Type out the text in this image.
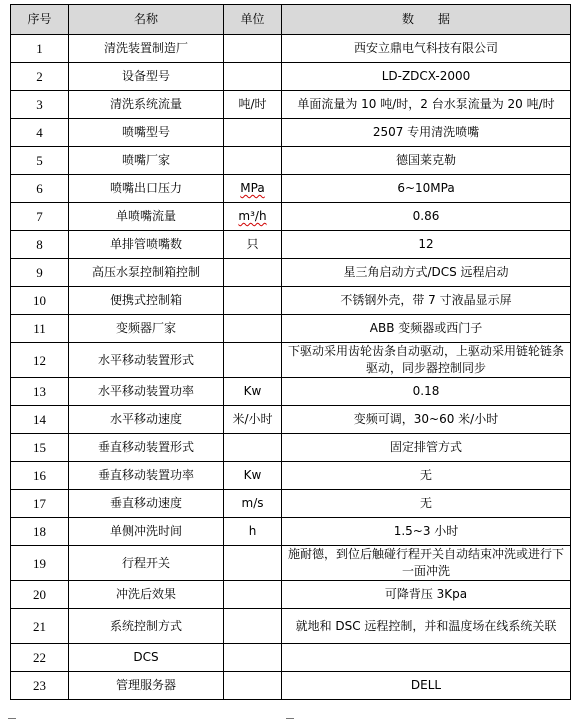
序号	名称	单位	数　　据
1	清洗装置制造厂		西安立鼎电气科技有限公司
2	设备型号		LD-ZDCX-2000
3	清洗系统流量	吨/时	单面流量为 10 吨/时，2 台水泵流量为 20 吨/时
4	喷嘴型号		2507 专用清洗喷嘴
5	喷嘴厂家		德国莱克勒
6	喷嘴出口压力	MPa	6~10MPa
7	单喷嘴流量	m³/h	0.86
8	单排管喷嘴数	只	12
9	高压水泵控制箱控制		星三角启动方式/DCS 远程启动
10	便携式控制箱		不锈钢外壳，带 7 寸液晶显示屏
11	变频器厂家		ABB 变频器或西门子
12	水平移动装置形式		下驱动采用齿轮齿条自动驱动，上驱动采用链轮链条驱动，同步器控制同步
13	水平移动装置功率	Kw	0.18
14	水平移动速度	米/小时	变频可调，30~60 米/小时
15	垂直移动装置形式		固定排管方式
16	垂直移动装置功率	Kw	无
17	垂直移动速度	m/s	无
18	单侧冲洗时间	h	1.5~3 小时
19	行程开关		施耐德，到位后触碰行程开关自动结束冲洗或进行下一面冲洗
20	冲洗后效果		可降背压 3Kpa
21	系统控制方式		就地和 DSC 远程控制，并和温度场在线系统关联
22	DCS		
23	管理服务器		DELL
